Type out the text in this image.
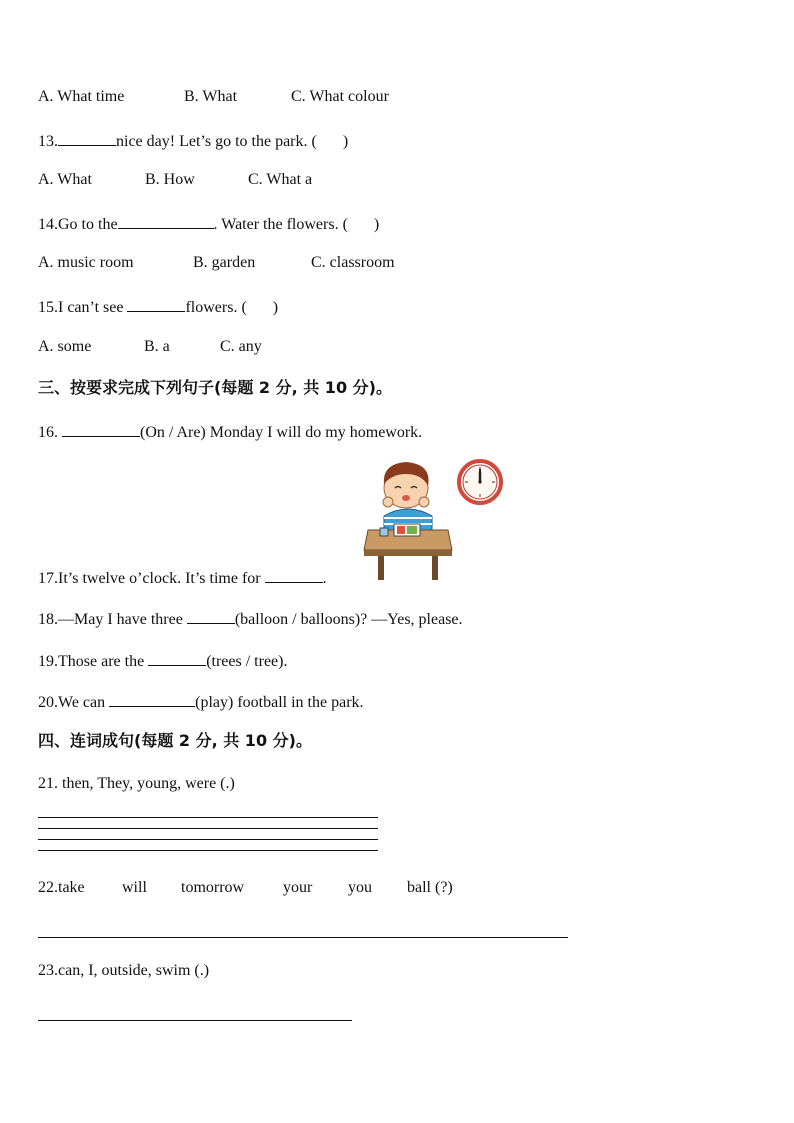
A. What time	B. What	C. What colour
13.	nice day! Let’s go to the park. ( )
A. What	B. How	C. What a
14.Go to the	. Water the flowers. ( )
A. music room	B. garden	C. classroom
15.I can’t see	flowers. ( )
A. some	B. a	C. any
三、按要求完成下列句子(每题 2 分, 共 10 分)。
16.	(On / Are) Monday I will do my homework.
17.It’s twelve o’clock. It’s time for	.
18.—May I have three	(balloon / balloons)? —Yes, please.
19.Those are the	(trees / tree).
20.We can	(play) football in the park.
四、连词成句(每题 2 分, 共 10 分)。
21. then, They, young, were (.)
22.take will tomorrow your you ball (?)
23.can, I, outside, swim (.)
